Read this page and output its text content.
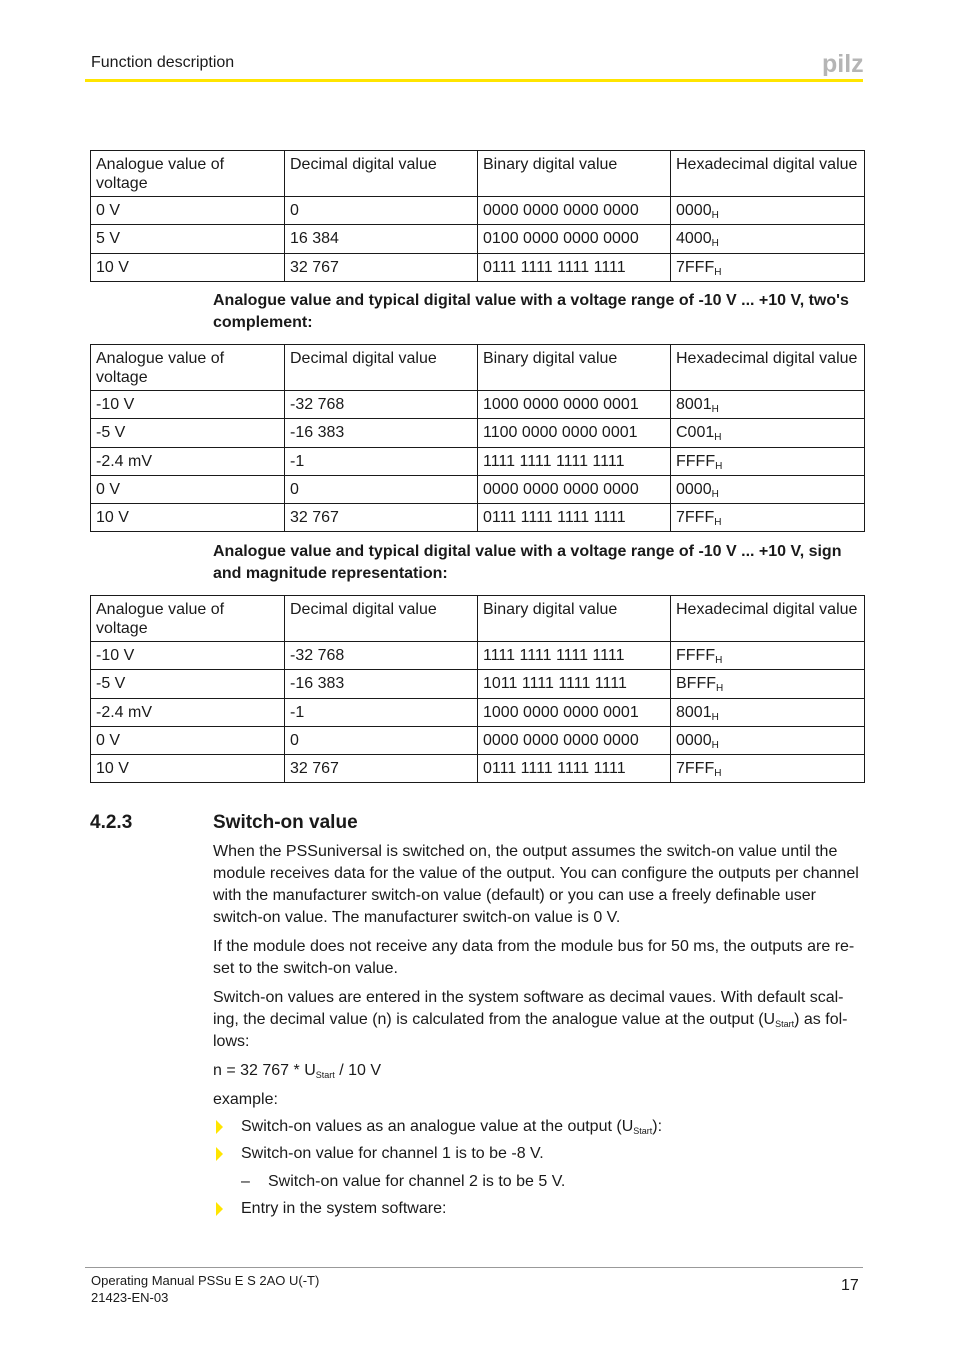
Function description	pilz
Analogue value of voltage	Decimal digital value	Binary digital value	Hexadecimal digital value
0 V	0	0000 0000 0000 0000	$0000_H$
5 V	16 384	0100 0000 0000 0000	$4000_H$
10 V	32 767	0111 1111 1111 1111	$7FFF_H$
Analogue value and typical digital value with a voltage range of -10 V ... +10 V, two's complement:
Analogue value of voltage	Decimal digital value	Binary digital value	Hexadecimal digital value
-10 V	-32 768	1000 0000 0000 0001	$8001_H$
-5 V	-16 383	1100 0000 0000 0001	$C001_H$
-2.4 mV	-1	1111 1111 1111 1111	$FFFF_H$
0 V	0	0000 0000 0000 0000	$0000_H$
10 V	32 767	0111 1111 1111 1111	$7FFF_H$
Analogue value and typical digital value with a voltage range of -10 V ... +10 V, sign and magnitude representation:
Analogue value of voltage	Decimal digital value	Binary digital value	Hexadecimal digital value
-10 V	-32 768	1111 1111 1111 1111	$FFFF_H$
-5 V	-16 383	1011 1111 1111 1111	$BFFF_H$
-2.4 mV	-1	1000 0000 0000 0001	$8001_H$
0 V	0	0000 0000 0000 0000	$0000_H$
10 V	32 767	0111 1111 1111 1111	$7FFF_H$
4.2.3	Switch-on value
When the PSSuniversal is switched on, the output assumes the switch-on value until the
module receives data for the value of the output. You can configure the outputs per channel
with the manufacturer switch-on value (default) or you can use a freely definable user
switch-on value. The manufacturer switch-on value is 0 V.
If the module does not receive any data from the module bus for 50 ms, the outputs are re-
set to the switch-on value.
Switch-on values are entered in the system software as decimal vaues. With default scal-
ing, the decimal value (n) is calculated from the analogue value at the output $(U_{Start})$ as fol-
lows:
n = 32 $767 * U_{Start} / 10$ V
example:
Switch-on values as an analogue value at the output $(U_{Start})$:
Switch-on value for channel 1 is to be -8 V.
– Switch-on value for channel 2 is to be 5 V.
Entry in the system software:
Operating Manual PSSu E S 2AO U(-T)
21423-EN-03
17
